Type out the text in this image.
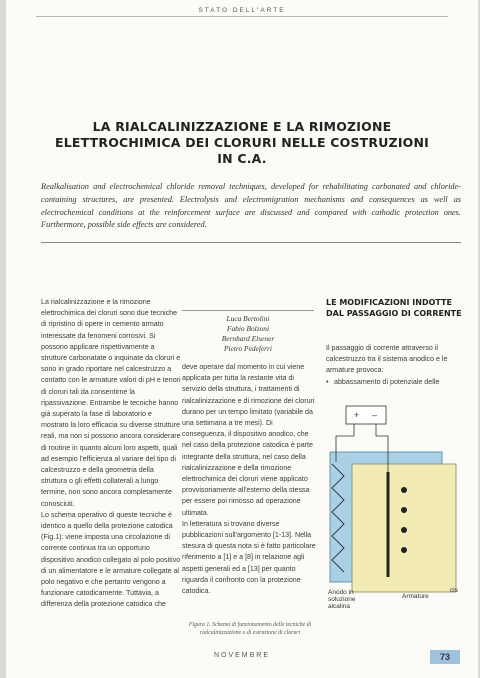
STATO DELL'ARTE
LA RIALCALINIZZAZIONE E LA RIMOZIONE
ELETTROCHIMICA DEI CLORURI NELLE COSTRUZIONI IN C.A.
Realkalisation and electrochemical chloride removal techniques, developed for rehabilitating carbonated and chloride-containing structures, are presented. Electrolysis and electromigration mechanisms and consequences as well as electrochemical conditions at the reinforcement surface are discussed and compared with cathodic protection ones. Furthermore, possible side effects are considered.
La rialcalinizzazione e la rimozione elettrochimica dei cloruri sono due tecniche di ripristino di opere in cemento armato interessate da fenomeni corrosivi. Si possono applicare rispettivamente a strutture carbonatate o inquinate da cloruri e sono in grado riportare nel calcestruzzo a contatto con le armature valori di pH e tenori di cloruri tali da consentirne la ripassivazione. Entrambe le tecniche hanno già superato la fase di laboratorio e mostrato la loro efficacia su diverse strutture reali, ma non si possono ancora considerare di routine in quanto alcuni loro aspetti, quali ad esempio l'efficienza al variare del tipo di calcestruzzo e della geometria della struttura o gli effetti collaterali a lungo termine, non sono ancora completamente conosciuti.
Lo schema operativo di queste tecniche è identico a quello della protezione catodica (Fig.1): viene imposta una circolazione di corrente continua tra un opportuno dispositivo anodico collegato al polo positivo di un alimentatore e le armature collegate al polo negativo e che pertanto vengono a funzionare catodicamente. Tuttavia, a differenza della protezione catodica che
Luca Bertolini
Fabio Bolzoni
Bernhard Elsener
Pietro Pedeferri
deve operare dal momento in cui viene applicata per tutta la restante vita di servizio della struttura, i trattamenti di rialcalinizzazione e di rimozione dei cloruri durano per un tempo limitato (variabile da una settimana a tre mesi). Di conseguenza, il dispositivo anodico, che nel caso della protezione catodica è parte integrante della struttura, nel caso della rialcalinizzazione e della rimozione elettrochimica dei cloruri viene applicato provvisoriamente all'esterno della stessa per essere poi rimosso ad operazione ultimata.
In letteratura si trovano diverse pubblicazioni sull'argomento [1-13]. Nella stesura di questa nota si è fatto particolare riferimento a [1] e a [8] in relazione agli aspetti generali ed a [13] per quanto riguarda il confronto con la protezione catodica.
LE MODIFICAZIONI INDOTTE DAL PASSAGGIO DI CORRENTE
Il passaggio di corrente attraverso il calcestruzzo tra il sistema anodico e le armature provoca:
• abbassamento di potenziale delle
+ –
Anodo in
soluzione
alcalina
Armature
cls
Figura 1. Schema di funzionamento delle tecniche di rialcalinizzazione o di estrazione di cloruri
NOVEMBRE	73
